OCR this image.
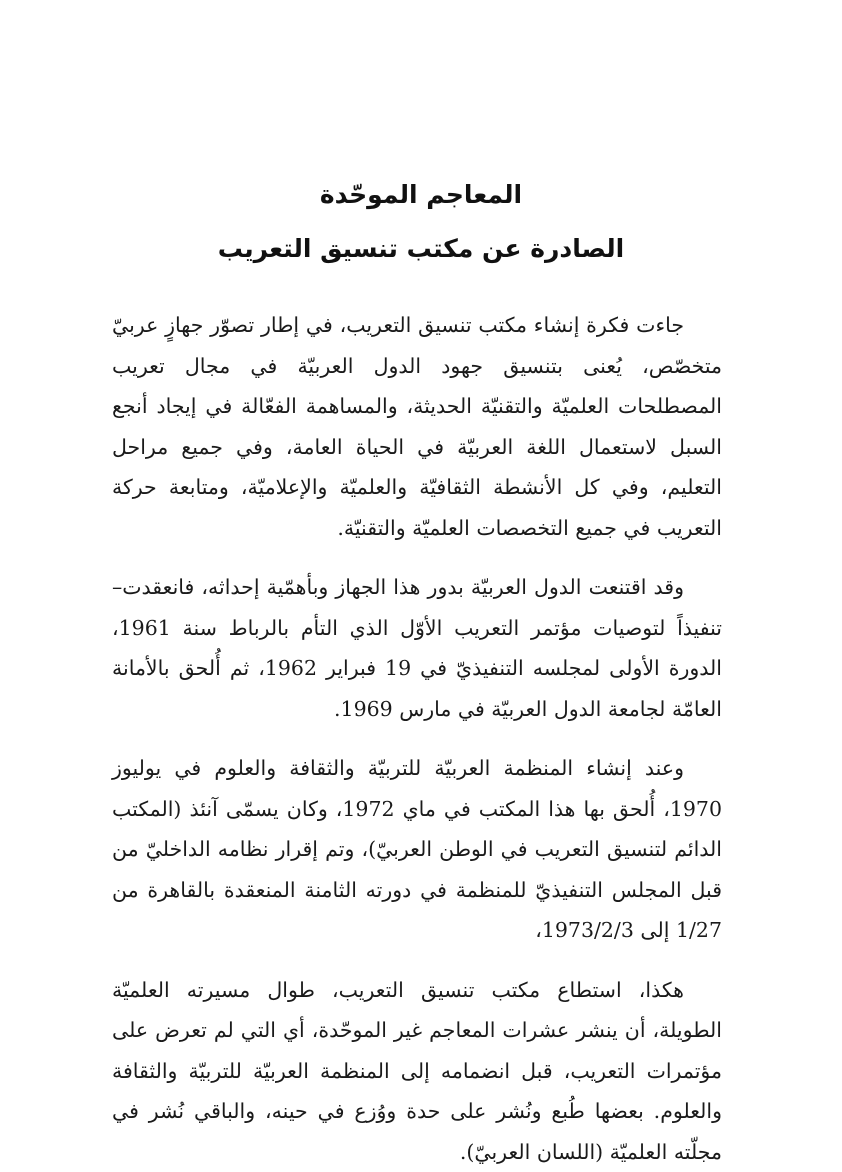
المعاجم الموحّدة
الصادرة عن مكتب تنسيق التعريب

جاءت فكرة إنشاء مكتب تنسيق التعريب، في إطار تصوّر جهازٍ عربيّ متخصّص، يُعنى بتنسيق جهود الدول العربيّة في مجال تعريب المصطلحات العلميّة والتقنيّة الحديثة، والمساهمة الفعّالة في إيجاد أنجع السبل لاستعمال اللغة العربيّة في الحياة العامة، وفي جميع مراحل التعليم، وفي كل الأنشطة الثقافيّة والعلميّة والإعلاميّة، ومتابعة حركة التعريب في جميع التخصصات العلميّة والتقنيّة.

وقد اقتنعت الدول العربيّة بدور هذا الجهاز وبأهمّية إحداثه، فانعقدت– تنفيذاً لتوصيات مؤتمر التعريب الأوّل الذي التأم بالرباط سنة 1961، الدورة الأولى لمجلسه التنفيذيّ في 19 فبراير 1962، ثم أُلحق بالأمانة العامّة لجامعة الدول العربيّة في مارس 1969.

وعند إنشاء المنظمة العربيّة للتربيّة والثقافة والعلوم في يوليوز 1970، أُلحق بها هذا المكتب في ماي 1972، وكان يسمّى آنئذ (المكتب الدائم لتنسيق التعريب في الوطن العربيّ)، وتم إقرار نظامه الداخليّ من قبل المجلس التنفيذيّ للمنظمة في دورته الثامنة المنعقدة بالقاهرة من 1/27 إلى 1973/2/3،

هكذا، استطاع مكتب تنسيق التعريب، طوال مسيرته العلميّة الطويلة، أن ينشر عشرات المعاجم غير الموحّدة، أي التي لم تعرض على مؤتمرات التعريب، قبل انضمامه إلى المنظمة العربيّة للتربيّة والثقافة والعلوم. بعضها طُبع ونُشر على حدة ووُزع في حينه، والباقي نُشر في مجلّته العلميّة (اللسان العربيّ).
